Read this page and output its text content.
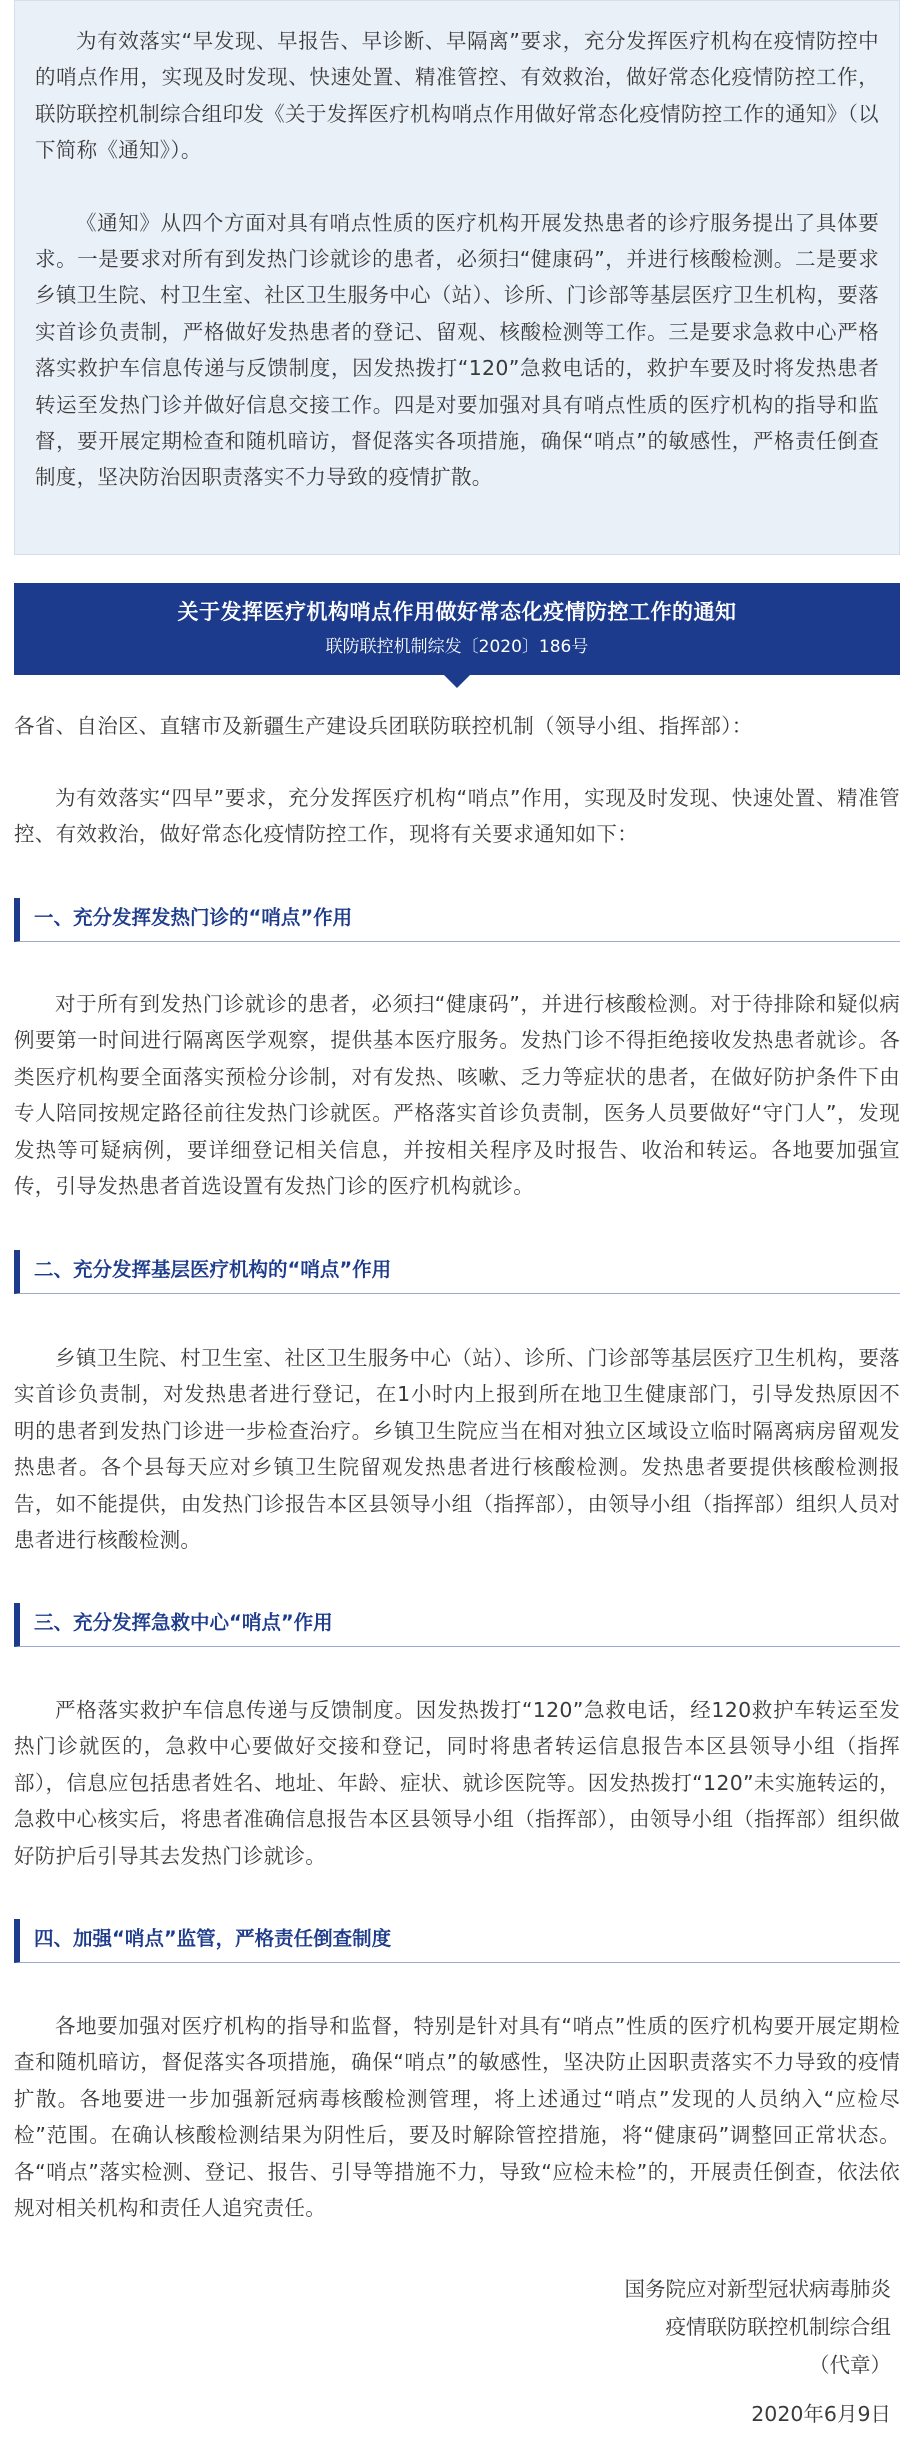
为有效落实“早发现、早报告、早诊断、早隔离”要求，充分发挥医疗机构在疫情防控中的哨点作用，实现及时发现、快速处置、精准管控、有效救治，做好常态化疫情防控工作，联防联控机制综合组印发《关于发挥医疗机构哨点作用做好常态化疫情防控工作的通知》（以下简称《通知》）。

《通知》从四个方面对具有哨点性质的医疗机构开展发热患者的诊疗服务提出了具体要求。一是要求对所有到发热门诊就诊的患者，必须扫“健康码”，并进行核酸检测。二是要求乡镇卫生院、村卫生室、社区卫生服务中心（站）、诊所、门诊部等基层医疗卫生机构，要落实首诊负责制，严格做好发热患者的登记、留观、核酸检测等工作。三是要求急救中心严格落实救护车信息传递与反馈制度，因发热拨打“120”急救电话的，救护车要及时将发热患者转运至发热门诊并做好信息交接工作。四是对要加强对具有哨点性质的医疗机构的指导和监督，要开展定期检查和随机暗访，督促落实各项措施，确保“哨点”的敏感性，严格责任倒查制度，坚决防治因职责落实不力导致的疫情扩散。

关于发挥医疗机构哨点作用做好常态化疫情防控工作的通知
联防联控机制综发〔2020〕186号

各省、自治区、直辖市及新疆生产建设兵团联防联控机制（领导小组、指挥部）：

为有效落实“四早”要求，充分发挥医疗机构“哨点”作用，实现及时发现、快速处置、精准管控、有效救治，做好常态化疫情防控工作，现将有关要求通知如下：

一、充分发挥发热门诊的“哨点”作用

对于所有到发热门诊就诊的患者，必须扫“健康码”，并进行核酸检测。对于待排除和疑似病例要第一时间进行隔离医学观察，提供基本医疗服务。发热门诊不得拒绝接收发热患者就诊。各类医疗机构要全面落实预检分诊制，对有发热、咳嗽、乏力等症状的患者，在做好防护条件下由专人陪同按规定路径前往发热门诊就医。严格落实首诊负责制，医务人员要做好“守门人”，发现发热等可疑病例，要详细登记相关信息，并按相关程序及时报告、收治和转运。各地要加强宣传，引导发热患者首选设置有发热门诊的医疗机构就诊。

二、充分发挥基层医疗机构的“哨点”作用

乡镇卫生院、村卫生室、社区卫生服务中心（站）、诊所、门诊部等基层医疗卫生机构，要落实首诊负责制，对发热患者进行登记，在1小时内上报到所在地卫生健康部门，引导发热原因不明的患者到发热门诊进一步检查治疗。乡镇卫生院应当在相对独立区域设立临时隔离病房留观发热患者。各个县每天应对乡镇卫生院留观发热患者进行核酸检测。发热患者要提供核酸检测报告，如不能提供，由发热门诊报告本区县领导小组（指挥部），由领导小组（指挥部）组织人员对患者进行核酸检测。

三、充分发挥急救中心“哨点”作用

严格落实救护车信息传递与反馈制度。因发热拨打“120”急救电话，经120救护车转运至发热门诊就医的，急救中心要做好交接和登记，同时将患者转运信息报告本区县领导小组（指挥部），信息应包括患者姓名、地址、年龄、症状、就诊医院等。因发热拨打“120”未实施转运的，急救中心核实后，将患者准确信息报告本区县领导小组（指挥部），由领导小组（指挥部）组织做好防护后引导其去发热门诊就诊。

四、加强“哨点”监管，严格责任倒查制度

各地要加强对医疗机构的指导和监督，特别是针对具有“哨点”性质的医疗机构要开展定期检查和随机暗访，督促落实各项措施，确保“哨点”的敏感性，坚决防止因职责落实不力导致的疫情扩散。各地要进一步加强新冠病毒核酸检测管理，将上述通过“哨点”发现的人员纳入“应检尽检”范围。在确认核酸检测结果为阴性后，要及时解除管控措施，将“健康码”调整回正常状态。各“哨点”落实检测、登记、报告、引导等措施不力，导致“应检未检”的，开展责任倒查，依法依规对相关机构和责任人追究责任。

国务院应对新型冠状病毒肺炎

疫情联防联控机制综合组

（代章）

2020年6月9日
